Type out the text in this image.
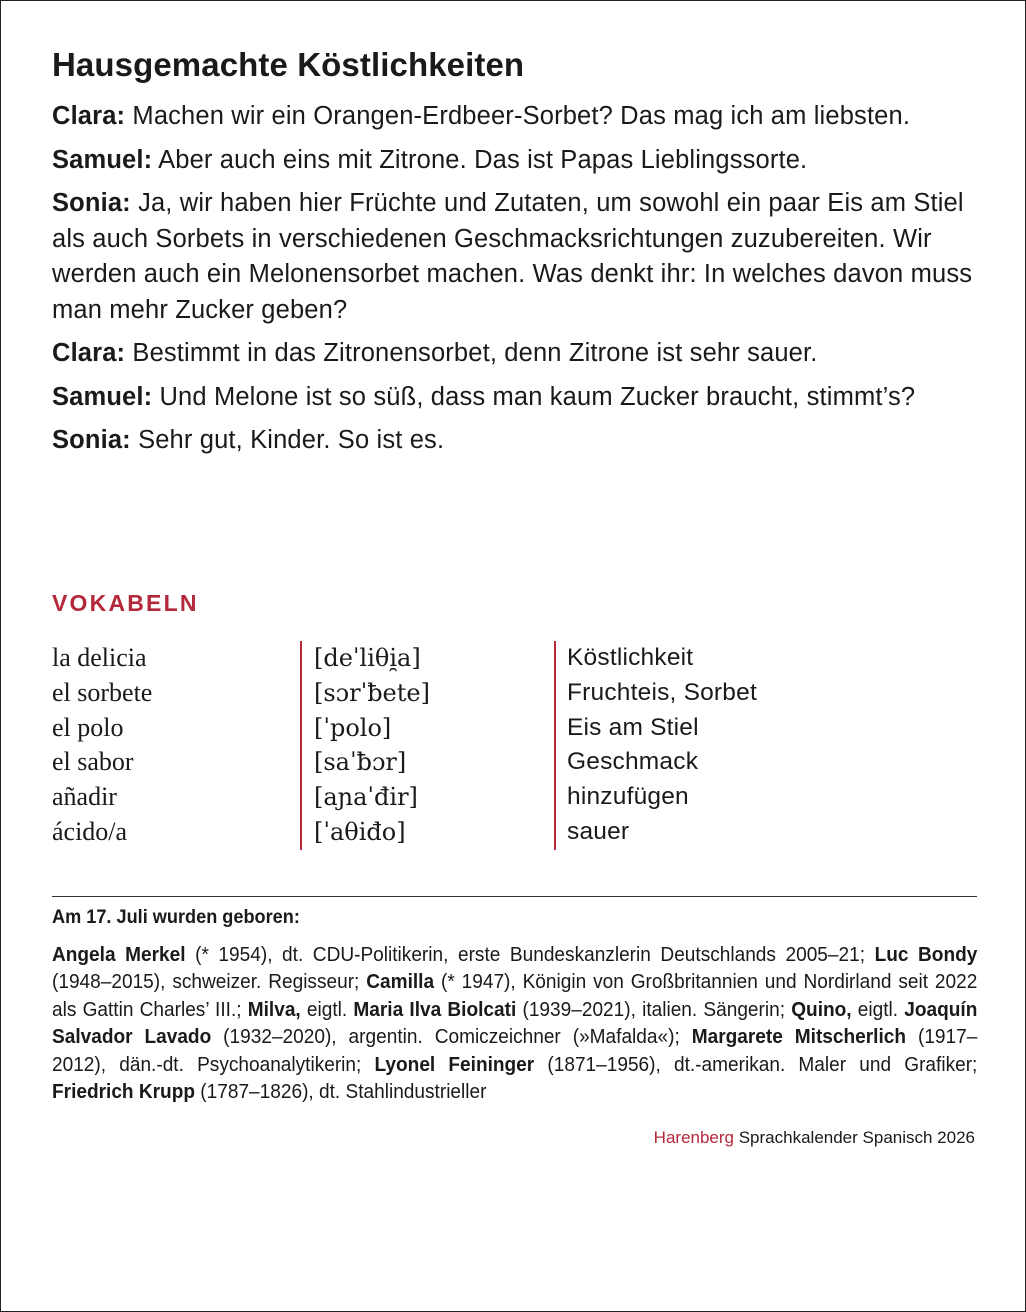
Hausgemachte Köstlichkeiten

Clara: Machen wir ein Orangen-Erdbeer-Sorbet? Das mag ich am liebsten.

Samuel: Aber auch eins mit Zitrone. Das ist Papas Lieblingssorte.

Sonia: Ja, wir haben hier Früchte und Zutaten, um sowohl ein paar Eis am Stiel als auch Sorbets in verschiedenen Geschmacksrichtungen zuzubereiten. Wir werden auch ein Melonensorbet machen. Was denkt ihr: In welches davon muss man mehr Zucker geben?

Clara: Bestimmt in das Zitronensorbet, denn Zitrone ist sehr sauer.

Samuel: Und Melone ist so süß, dass man kaum Zucker braucht, stimmt’s?

Sonia: Sehr gut, Kinder. So ist es.

VOKABELN
la delicia	[deˈliθi̯a]	Köstlichkeit
el sorbete	[sɔrˈƀete]	Fruchteis, Sorbet
el polo	[ˈpolo]	Eis am Stiel
el sabor	[saˈƀɔr]	Geschmack
añadir	[aɲaˈđir]	hinzufügen
ácido/a	[ˈaθiđo]	sauer

Am 17. Juli wurden geboren:

Angela Merkel (* 1954), dt. CDU-Politikerin, erste Bundeskanzlerin Deutschlands 2005–21; Luc Bondy (1948–2015), schweizer. Regisseur; Camilla (* 1947), Königin von Großbritannien und Nordirland seit 2022 als Gattin Charles’ III.; Milva, eigtl. Maria Ilva Biolcati (1939–2021), italien. Sängerin; Quino, eigtl. Joaquín Salvador Lavado (1932–2020), argentin. Comiczeichner (»Mafalda«); Margarete Mitscherlich (1917–2012), dän.-dt. Psychoanalytikerin; Lyonel Feininger (1871–1956), dt.-amerikan. Maler und Grafiker; Friedrich Krupp (1787–1826), dt. Stahlindustrieller

Harenberg Sprachkalender Spanisch 2026
